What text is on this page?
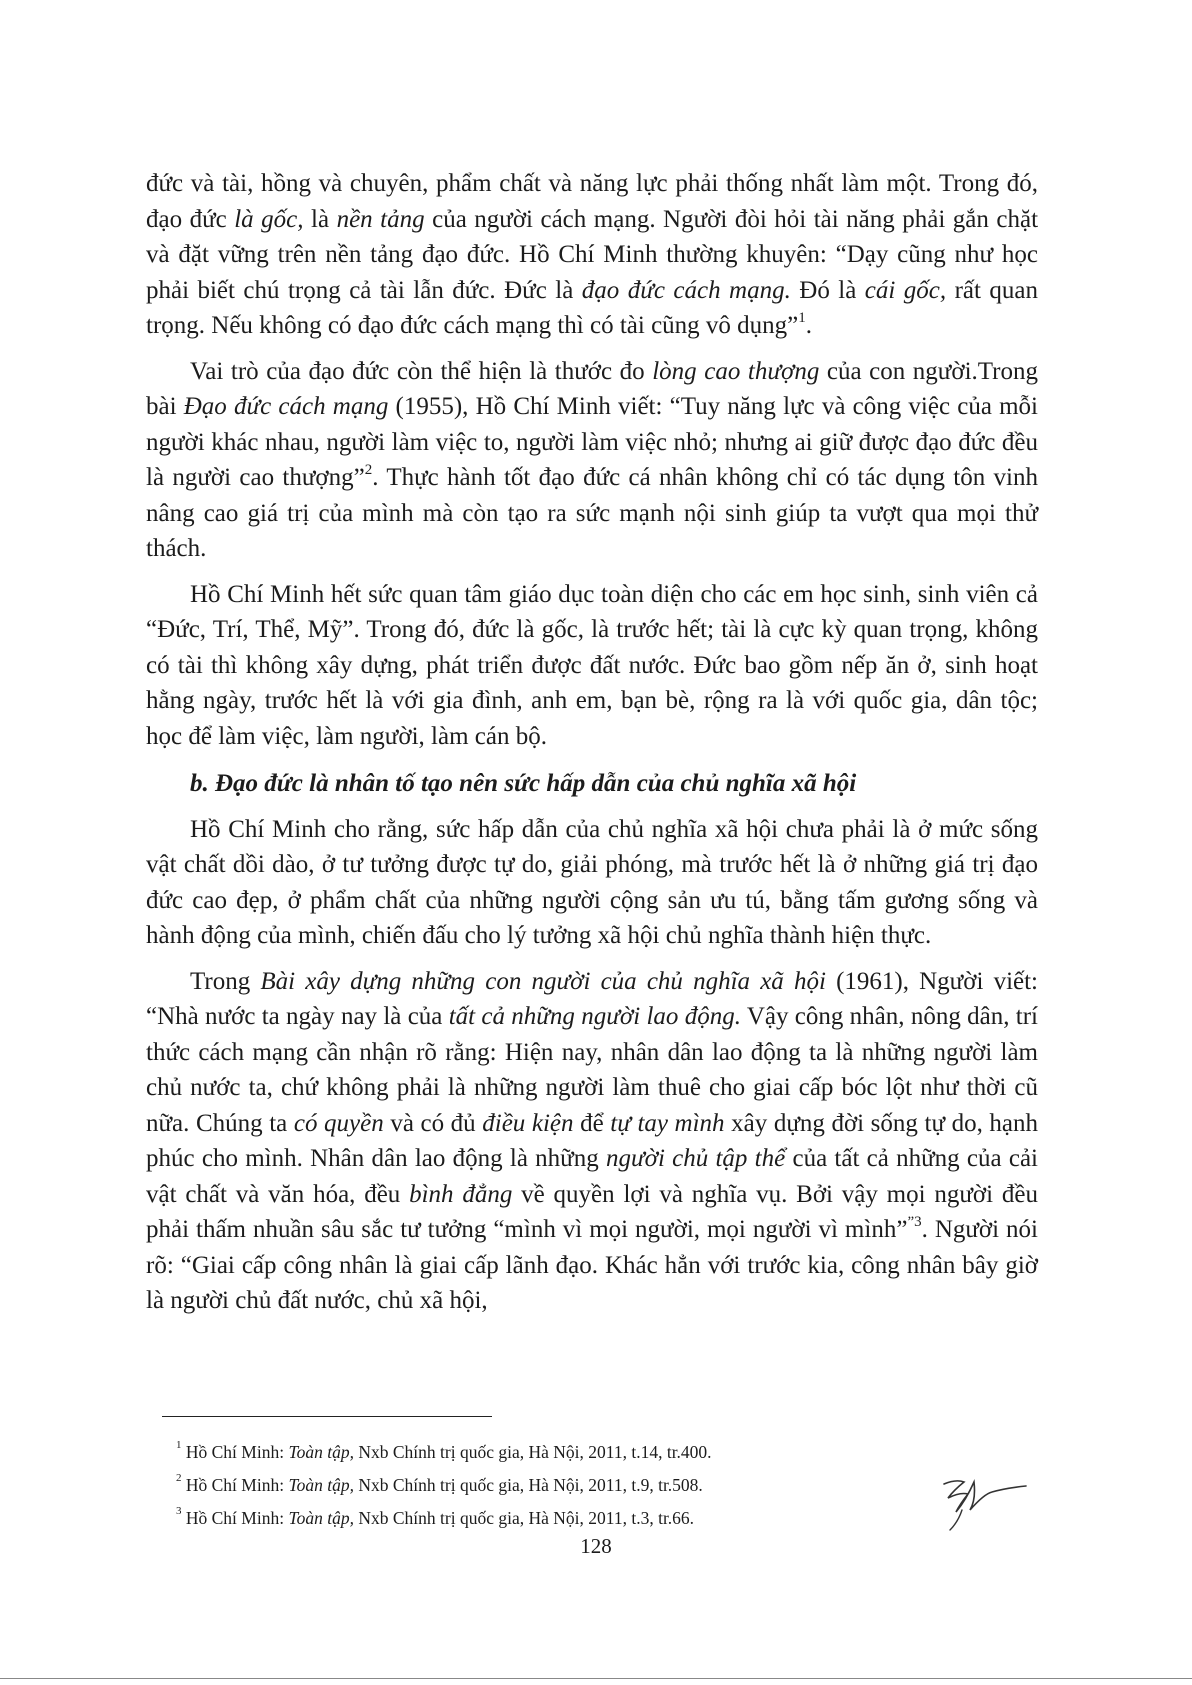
đức và tài, hồng và chuyên, phẩm chất và năng lực phải thống nhất làm một. Trong đó, đạo đức là gốc, là nền tảng của người cách mạng. Người đòi hỏi tài năng phải gắn chặt và đặt vững trên nền tảng đạo đức. Hồ Chí Minh thường khuyên: “Dạy cũng như học phải biết chú trọng cả tài lẫn đức. Đức là đạo đức cách mạng. Đó là cái gốc, rất quan trọng. Nếu không có đạo đức cách mạng thì có tài cũng vô dụng”$^1$.

Vai trò của đạo đức còn thể hiện là thước đo lòng cao thượng của con người.Trong bài Đạo đức cách mạng (1955), Hồ Chí Minh viết: “Tuy năng lực và công việc của mỗi người khác nhau, người làm việc to, người làm việc nhỏ; nhưng ai giữ được đạo đức đều là người cao thượng”$^2$. Thực hành tốt đạo đức cá nhân không chỉ có tác dụng tôn vinh nâng cao giá trị của mình mà còn tạo ra sức mạnh nội sinh giúp ta vượt qua mọi thử thách.

Hồ Chí Minh hết sức quan tâm giáo dục toàn diện cho các em học sinh, sinh viên cả “Đức, Trí, Thể, Mỹ”. Trong đó, đức là gốc, là trước hết; tài là cực kỳ quan trọng, không có tài thì không xây dựng, phát triển được đất nước. Đức bao gồm nếp ăn ở, sinh hoạt hằng ngày, trước hết là với gia đình, anh em, bạn bè, rộng ra là với quốc gia, dân tộc; học để làm việc, làm người, làm cán bộ.

b. Đạo đức là nhân tố tạo nên sức hấp dẫn của chủ nghĩa xã hội

Hồ Chí Minh cho rằng, sức hấp dẫn của chủ nghĩa xã hội chưa phải là ở mức sống vật chất dồi dào, ở tư tưởng được tự do, giải phóng, mà trước hết là ở những giá trị đạo đức cao đẹp, ở phẩm chất của những người cộng sản ưu tú, bằng tấm gương sống và hành động của mình, chiến đấu cho lý tưởng xã hội chủ nghĩa thành hiện thực.

Trong Bài xây dựng những con người của chủ nghĩa xã hội (1961), Người viết: “Nhà nước ta ngày nay là của tất cả những người lao động. Vậy công nhân, nông dân, trí thức cách mạng cần nhận rõ rằng: Hiện nay, nhân dân lao động ta là những người làm chủ nước ta, chứ không phải là những người làm thuê cho giai cấp bóc lột như thời cũ nữa. Chúng ta có quyền và có đủ điều kiện để tự tay mình xây dựng đời sống tự do, hạnh phúc cho mình. Nhân dân lao động là những người chủ tập thể của tất cả những của cải vật chất và văn hóa, đều bình đẳng về quyền lợi và nghĩa vụ. Bởi vậy mọi người đều phải thấm nhuần sâu sắc tư tưởng “mình vì mọi người, mọi người vì mình”$^{”3}$. Người nói rõ: “Giai cấp công nhân là giai cấp lãnh đạo. Khác hẳn với trước kia, công nhân bây giờ là người chủ đất nước, chủ xã hội,

$^1$ Hồ Chí Minh: Toàn tập, Nxb Chính trị quốc gia, Hà Nội, 2011, t.14, tr.400.
$^2$ Hồ Chí Minh: Toàn tập, Nxb Chính trị quốc gia, Hà Nội, 2011, t.9, tr.508.
$^3$ Hồ Chí Minh: Toàn tập, Nxb Chính trị quốc gia, Hà Nội, 2011, t.3, tr.66.
128
